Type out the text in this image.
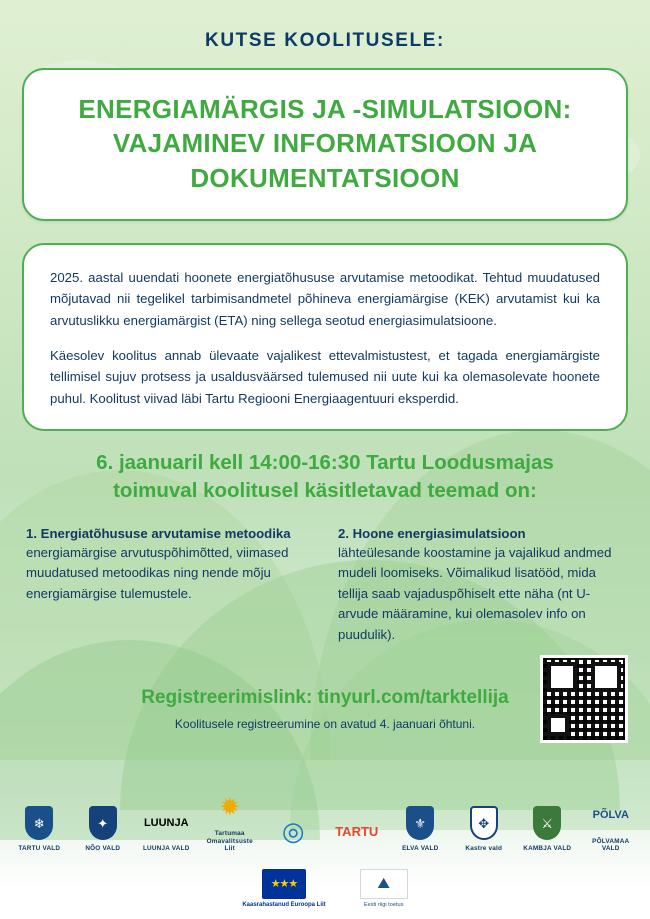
KUTSE KOOLITUSELE:
ENERGIAMÄRGIS JA -SIMULATSIOON:
VAJAMINEV INFORMATSIOON JA
DOKUMENTATSIOON
2025. aastal uuendati hoonete energiatõhususe arvutamise metoodikat. Tehtud muudatused mõjutavad nii tegelikel tarbimisandmetel põhineva energiamärgise (KEK) arvutamist kui ka arvutuslikku energiamärgist (ETA) ning sellega seotud energiasimulatsioone.
Käesolev koolitus annab ülevaate vajalikest ettevalmistustest, et tagada energiamärgiste tellimisel sujuv protsess ja usaldusväärsed tulemused nii uute kui ka olemasolevate hoonete puhul. Koolitust viivad läbi Tartu Regiooni Energiaagentuuri eksperdid.
6. jaanuaril kell 14:00-16:30 Tartu Loodusmajas
toimuval koolitusel käsitletavad teemad on:
1. Energiatõhususe arvutamise metoodika
energiamärgise arvutuspõhimõtted, viimased muudatused metoodikas ning nende mõju energiamärgise tulemustele.
2. Hoone energiasimulatsioon
lähteülesande koostamine ja vajalikud andmed mudeli loomiseks. Võimalikud lisatööd, mida tellija saab vajaduspõhiselt ette näha (nt U-arvude määramine, kui olemasolev info on puudulik).
Registreerimislink: tinyurl.com/tarktellija
Koolitusele registreerumine on avatud 4. jaanuari õhtuni.
❄
TARTU VALD
✦
NÕO VALD
LUUNJA
LUUNJA VALD
✹
Tartumaa Omavalitsuste Liit
◎	TARTU
⚜
ELVA VALD
✥
Kastre vald
⚔
KAMBJA VALD
PÕLVA
PÕLVAMAA VALD
★★★
Kaasrahastanud Euroopa Liit
⛰
Eesti riigi toetus
